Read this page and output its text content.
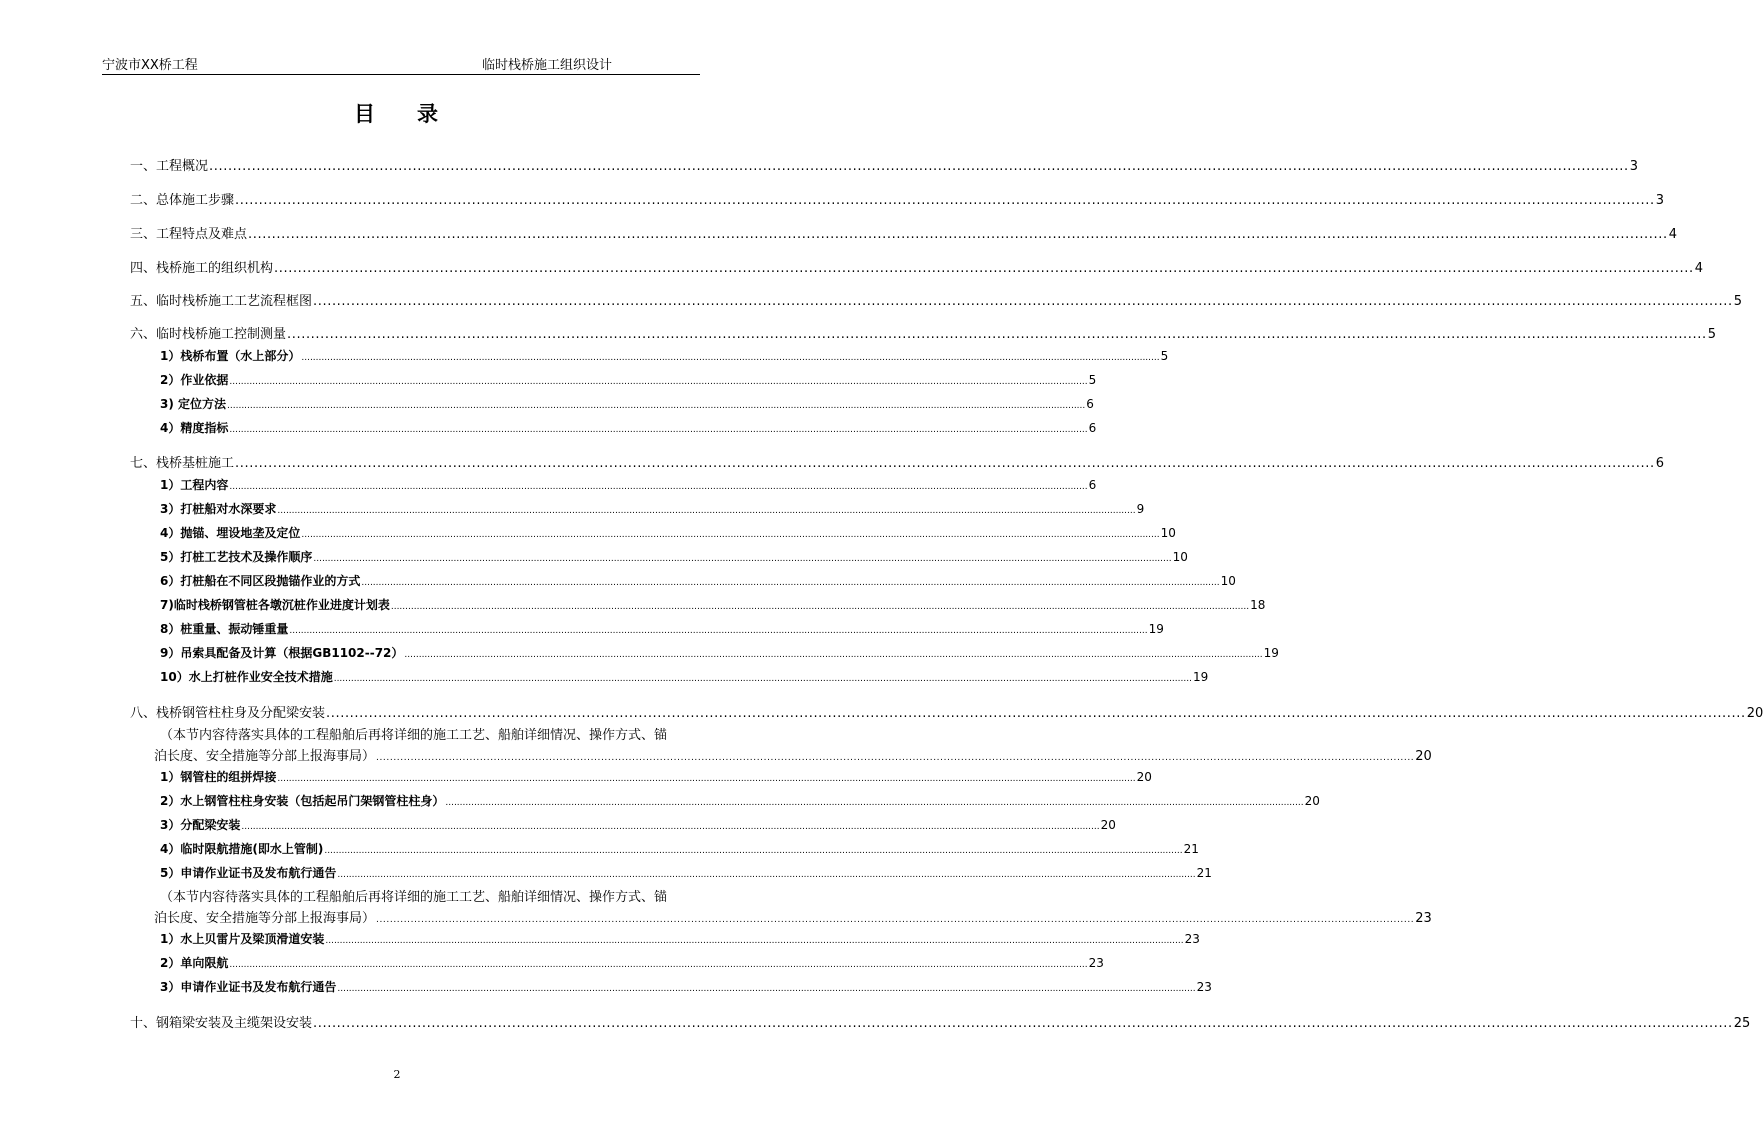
宁波市XX桥工程	临时栈桥施工组织设计
目 录
一、工程概况 ............................................................................................................................................................................................................................................................................................................ 3
二、总体施工步骤 ............................................................................................................................................................................................................................................................................................................ 3
三、工程特点及难点 ............................................................................................................................................................................................................................................................................................................ 4
四、栈桥施工的组织机构 ............................................................................................................................................................................................................................................................................................................ 4
五、临时栈桥施工工艺流程框图 ............................................................................................................................................................................................................................................................................................................ 5
六、临时栈桥施工控制测量 ............................................................................................................................................................................................................................................................................................................ 5
1）栈桥布置（水上部分） ............................................................................................................................................................................................................................................................................................................ 5
2）作业依据 ............................................................................................................................................................................................................................................................................................................ 5
3) 定位方法 ............................................................................................................................................................................................................................................................................................................ 6
4）精度指标 ............................................................................................................................................................................................................................................................................................................ 6
七、栈桥基桩施工 ............................................................................................................................................................................................................................................................................................................ 6
1）工程内容 ............................................................................................................................................................................................................................................................................................................ 6
3）打桩船对水深要求 ............................................................................................................................................................................................................................................................................................................ 9
4）抛锚、埋设地垄及定位 ............................................................................................................................................................................................................................................................................................................ 10
5）打桩工艺技术及操作顺序 ............................................................................................................................................................................................................................................................................................................ 10
6）打桩船在不同区段抛锚作业的方式 ............................................................................................................................................................................................................................................................................................................ 10
7)临时栈桥钢管桩各墩沉桩作业进度计划表 ............................................................................................................................................................................................................................................................................................................ 18
8）桩重量、振动锤重量 ............................................................................................................................................................................................................................................................................................................ 19
9）吊索具配备及计算（根据GB1102--72） ............................................................................................................................................................................................................................................................................................................ 19
10）水上打桩作业安全技术措施 ............................................................................................................................................................................................................................................................................................................ 19
八、栈桥钢管柱柱身及分配梁安装 ............................................................................................................................................................................................................................................................................................................ 20
（本节内容待落实具体的工程船舶后再将详细的施工工艺、船舶详细情况、操作方式、锚
泊长度、安全措施等分部上报海事局） ............................................................................................................................................................................................................................................................................................................ 20
1）钢管柱的组拼焊接 ............................................................................................................................................................................................................................................................................................................ 20
2）水上钢管柱柱身安装（包括起吊门架钢管柱柱身） ............................................................................................................................................................................................................................................................................................................ 20
3）分配梁安装 ............................................................................................................................................................................................................................................................................................................ 20
4）临时限航措施(即水上管制) ............................................................................................................................................................................................................................................................................................................ 21
5）申请作业证书及发布航行通告 ............................................................................................................................................................................................................................................................................................................ 21
（本节内容待落实具体的工程船舶后再将详细的施工工艺、船舶详细情况、操作方式、锚
泊长度、安全措施等分部上报海事局） ............................................................................................................................................................................................................................................................................................................ 23
1）水上贝雷片及梁顶滑道安装 ............................................................................................................................................................................................................................................................................................................ 23
2）单向限航 ............................................................................................................................................................................................................................................................................................................ 23
3）申请作业证书及发布航行通告 ............................................................................................................................................................................................................................................................................................................ 23
十、钢箱梁安装及主缆架设安装 ............................................................................................................................................................................................................................................................................................................ 25
2
